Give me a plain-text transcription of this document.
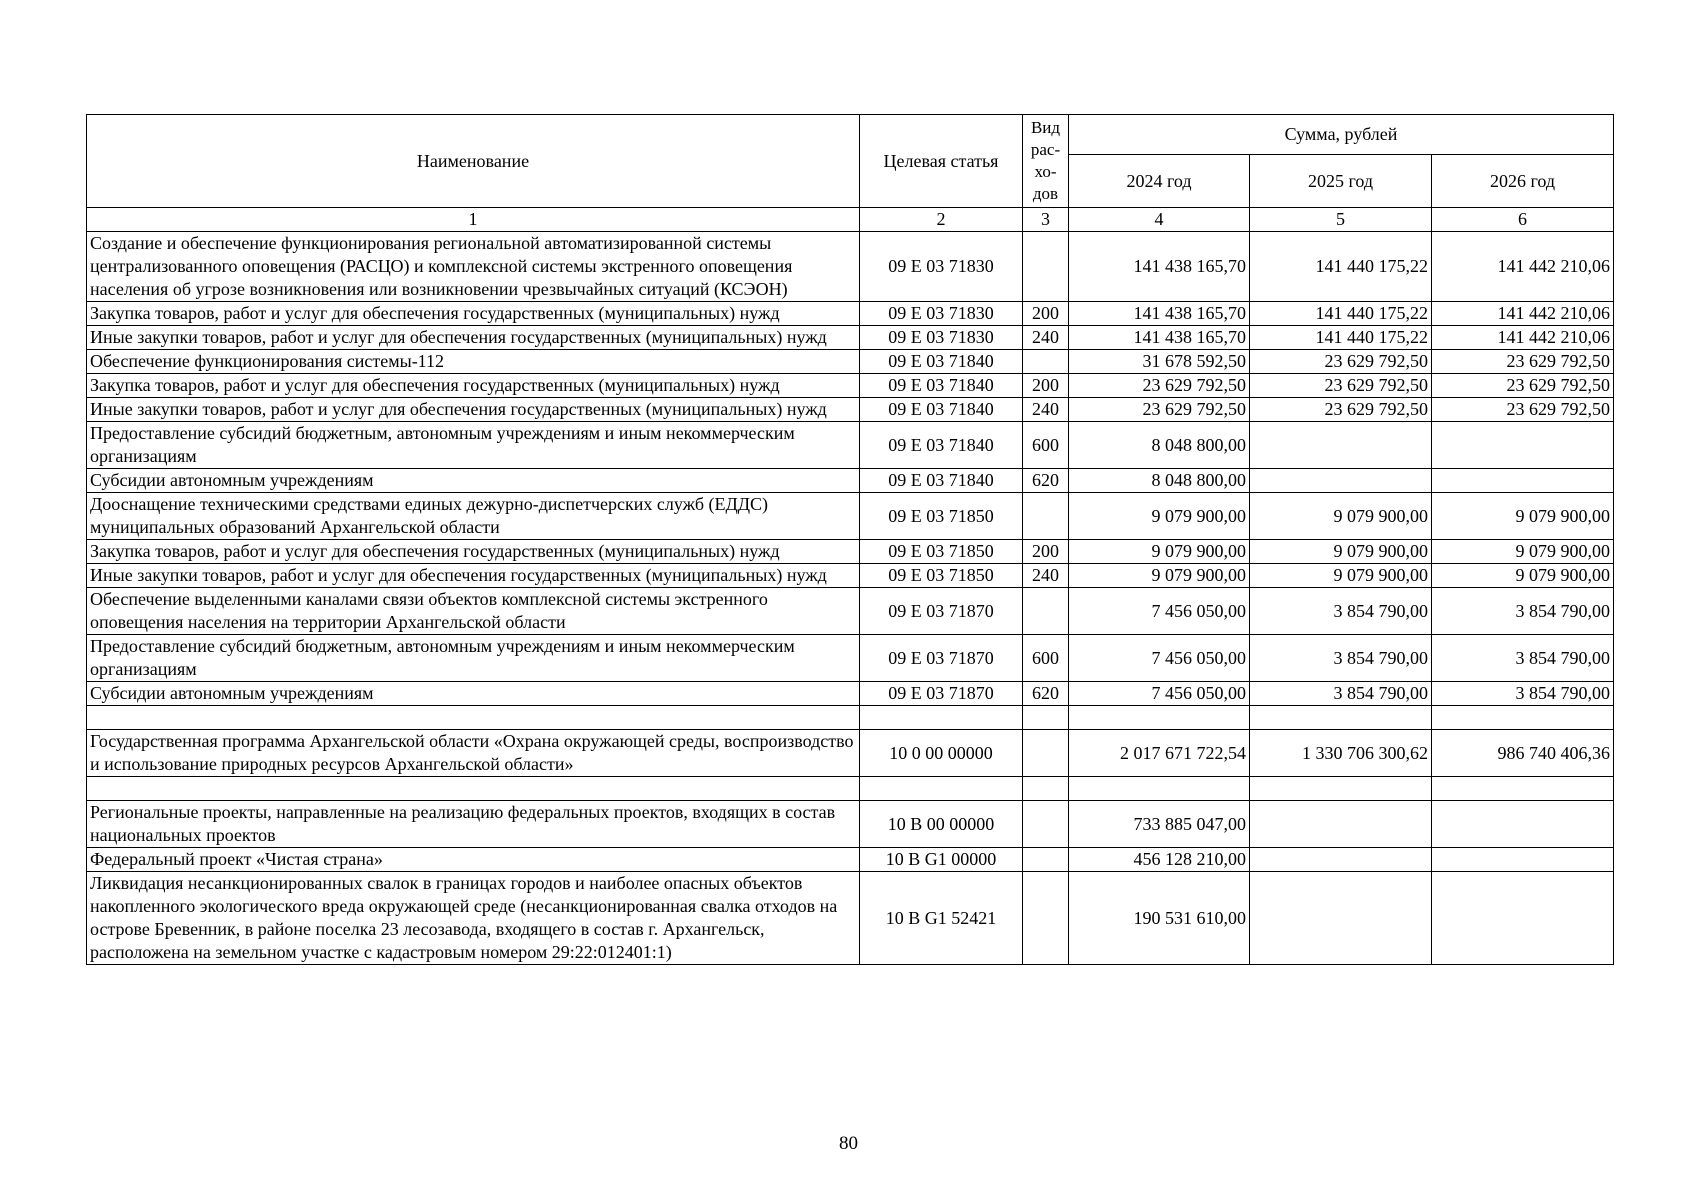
Наименование	Целевая статья	Вид рас-хо-дов	Сумма, рублей		
			2024 год	2025 год	2026 год
1	2	3	4	5	6
Создание и обеспечение функционирования региональной автоматизированной системы централизованного оповещения (РАСЦО) и комплексной системы экстренного оповещения населения об угрозе возникновения или возникновении чрезвычайных ситуаций (КСЭОН)	09 Е 03 71830		141 438 165,70	141 440 175,22	141 442 210,06
Закупка товаров, работ и услуг для обеспечения государственных (муниципальных) нужд	09 Е 03 71830	200	141 438 165,70	141 440 175,22	141 442 210,06
Иные закупки товаров, работ и услуг для обеспечения государственных (муниципальных) нужд	09 Е 03 71830	240	141 438 165,70	141 440 175,22	141 442 210,06
Обеспечение функционирования системы-112	09 Е 03 71840		31 678 592,50	23 629 792,50	23 629 792,50
Закупка товаров, работ и услуг для обеспечения государственных (муниципальных) нужд	09 Е 03 71840	200	23 629 792,50	23 629 792,50	23 629 792,50
Иные закупки товаров, работ и услуг для обеспечения государственных (муниципальных) нужд	09 Е 03 71840	240	23 629 792,50	23 629 792,50	23 629 792,50
Предоставление субсидий бюджетным, автономным учреждениям и иным некоммерческим организациям	09 Е 03 71840	600	8 048 800,00		
Субсидии автономным учреждениям	09 Е 03 71840	620	8 048 800,00		
Дооснащение техническими средствами единых дежурно-диспетчерских служб (ЕДДС) муниципальных образований Архангельской области	09 Е 03 71850		9 079 900,00	9 079 900,00	9 079 900,00
Закупка товаров, работ и услуг для обеспечения государственных (муниципальных) нужд	09 Е 03 71850	200	9 079 900,00	9 079 900,00	9 079 900,00
Иные закупки товаров, работ и услуг для обеспечения государственных (муниципальных) нужд	09 Е 03 71850	240	9 079 900,00	9 079 900,00	9 079 900,00
Обеспечение выделенными каналами связи объектов комплексной системы экстренного оповещения населения на территории Архангельской области	09 Е 03 71870		7 456 050,00	3 854 790,00	3 854 790,00
Предоставление субсидий бюджетным, автономным учреждениям и иным некоммерческим организациям	09 Е 03 71870	600	7 456 050,00	3 854 790,00	3 854 790,00
Субсидии автономным учреждениям	09 Е 03 71870	620	7 456 050,00	3 854 790,00	3 854 790,00

Государственная программа Архангельской области «Охрана окружающей среды, воспроизводство и использование природных ресурсов Архангельской области»	10 0 00 00000		2 017 671 722,54	1 330 706 300,62	986 740 406,36

Региональные проекты, направленные на реализацию федеральных проектов, входящих в состав национальных проектов	10 В 00 00000		733 885 047,00		
Федеральный проект «Чистая страна»	10 В G1 00000		456 128 210,00		
Ликвидация несанкционированных свалок в границах городов и наиболее опасных объектов накопленного экологического вреда окружающей среде (несанкционированная свалка отходов на острове Бревенник, в районе поселка 23 лесозавода, входящего в состав г. Архангельск, расположена на земельном участке с кадастровым номером 29:22:012401:1)	10 В G1 52421		190 531 610,00		
80
